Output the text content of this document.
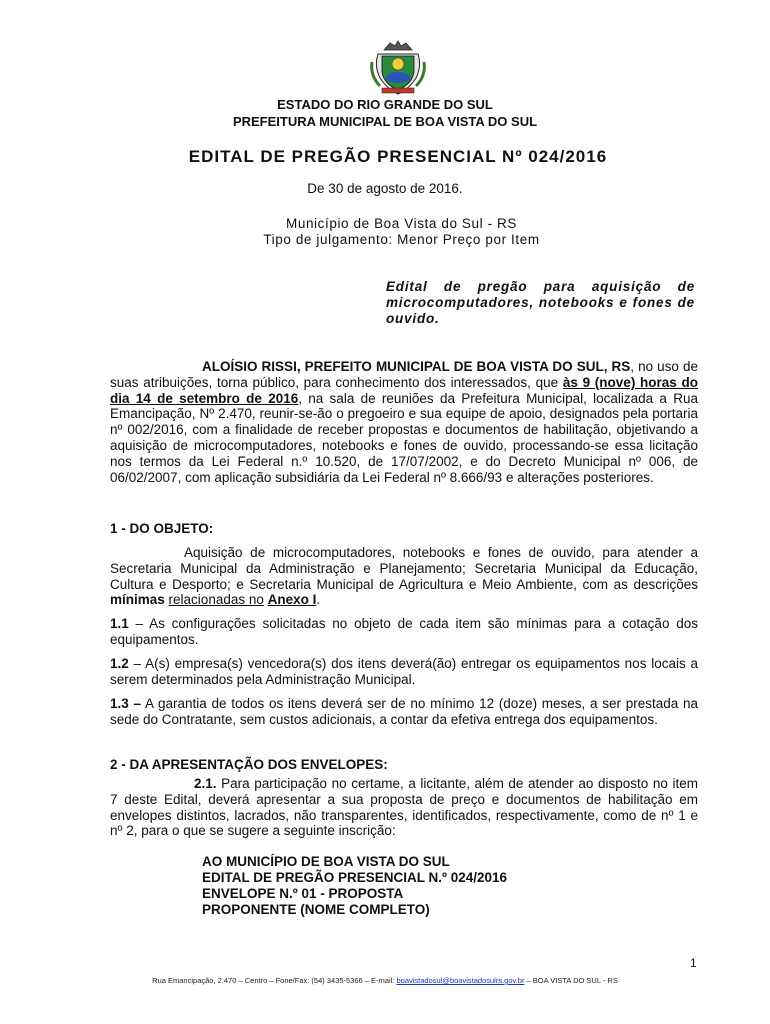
ESTADO DO RIO GRANDE DO SUL
PREFEITURA MUNICIPAL DE BOA VISTA DO SUL
EDITAL DE PREGÃO PRESENCIAL Nº 024/2016
De 30 de agosto de 2016.
Município de Boa Vista do Sul - RS
Tipo de julgamento: Menor Preço por Item
Edital de pregão para aquisição de microcomputadores, notebooks e fones de ouvido.
ALOÍSIO RISSI, PREFEITO MUNICIPAL DE BOA VISTA DO SUL, RS, no uso de suas atribuições, torna público, para conhecimento dos interessados, que às 9 (nove) horas do dia 14 de setembro de 2016, na sala de reuniões da Prefeitura Municipal, localizada a Rua Emancipação, Nº 2.470, reunir-se-ão o pregoeiro e sua equipe de apoio, designados pela portaria nº 002/2016, com a finalidade de receber propostas e documentos de habilitação, objetivando a aquisição de microcomputadores, notebooks e fones de ouvido, processando-se essa licitação nos termos da Lei Federal n.º 10.520, de 17/07/2002, e do Decreto Municipal nº 006, de 06/02/2007, com aplicação subsidiária da Lei Federal nº 8.666/93 e alterações posteriores.
1 - DO OBJETO:
Aquisição de microcomputadores, notebooks e fones de ouvido, para atender a Secretaria Municipal da Administração e Planejamento; Secretaria Municipal da Educação, Cultura e Desporto; e Secretaria Municipal de Agricultura e Meio Ambiente, com as descrições mínimas relacionadas no Anexo I.
1.1 – As configurações solicitadas no objeto de cada item são mínimas para a cotação dos equipamentos.
1.2 – A(s) empresa(s) vencedora(s) dos itens deverá(ão) entregar os equipamentos nos locais a serem determinados pela Administração Municipal.
1.3 – A garantia de todos os itens deverá ser de no mínimo 12 (doze) meses, a ser prestada na sede do Contratante, sem custos adicionais, a contar da efetiva entrega dos equipamentos.
2 - DA APRESENTAÇÃO DOS ENVELOPES:
2.1. Para participação no certame, a licitante, além de atender ao disposto no item 7 deste Edital, deverá apresentar a sua proposta de preço e documentos de habilitação em envelopes distintos, lacrados, não transparentes, identificados, respectivamente, como de nº 1 e nº 2, para o que se sugere a seguinte inscrição:
AO MUNICÍPIO DE BOA VISTA DO SUL
EDITAL DE PREGÃO PRESENCIAL N.º 024/2016
ENVELOPE N.º 01 - PROPOSTA
PROPONENTE (NOME COMPLETO)
1
Rua Emancipação, 2.470 – Centro – Fone/Fax: (54) 3435-5366 – E-mail: boavistadosul@boavistadosulrs.gov.br – BOA VISTA DO SUL - RS
